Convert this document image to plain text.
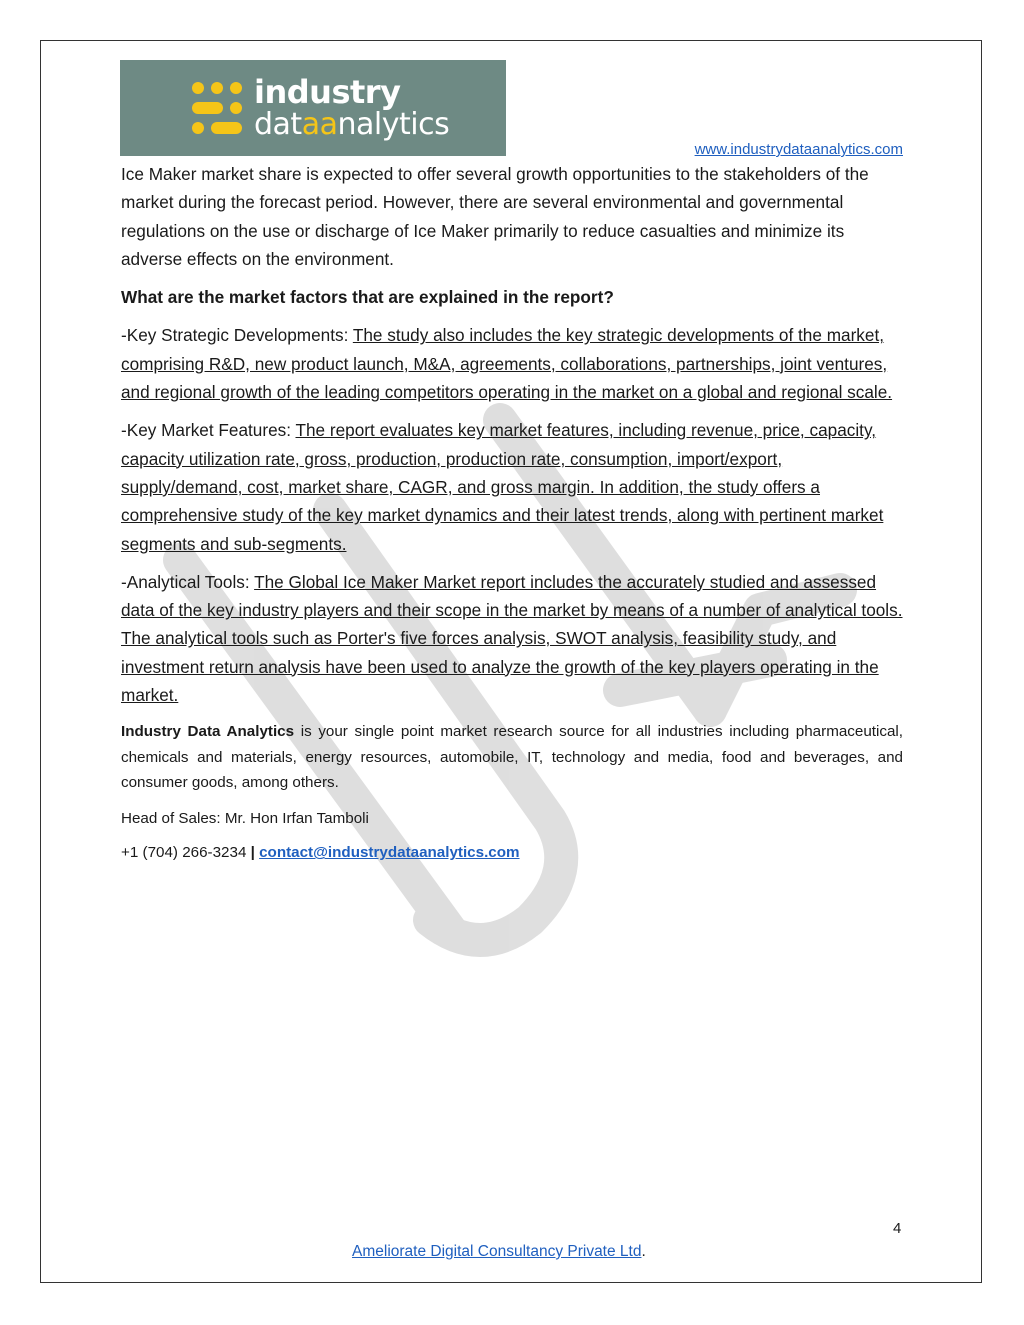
industry
dataanalytics
www.industrydataanalytics.com

Ice Maker market share is expected to offer several growth opportunities to the stakeholders of the market during the forecast period. However, there are several environmental and governmental regulations on the use or discharge of Ice Maker primarily to reduce casualties and minimize its adverse effects on the environment.

What are the market factors that are explained in the report?

-Key Strategic Developments: The study also includes the key strategic developments of the market, comprising R&D, new product launch, M&A, agreements, collaborations, partnerships, joint ventures, and regional growth of the leading competitors operating in the market on a global and regional scale.

-Key Market Features: The report evaluates key market features, including revenue, price, capacity, capacity utilization rate, gross, production, production rate, consumption, import/export, supply/demand, cost, market share, CAGR, and gross margin. In addition, the study offers a comprehensive study of the key market dynamics and their latest trends, along with pertinent market segments and sub-segments.

-Analytical Tools: The Global Ice Maker Market report includes the accurately studied and assessed data of the key industry players and their scope in the market by means of a number of analytical tools. The analytical tools such as Porter's five forces analysis, SWOT analysis, feasibility study, and investment return analysis have been used to analyze the growth of the key players operating in the market.

Industry Data Analytics is your single point market research source for all industries including pharmaceutical, chemicals and materials, energy resources, automobile, IT, technology and media, food and beverages, and consumer goods, among others.

Head of Sales: Mr. Hon Irfan Tamboli

+1 (704) 266-3234 | contact@industrydataanalytics.com

4
Ameliorate Digital Consultancy Private Ltd.
